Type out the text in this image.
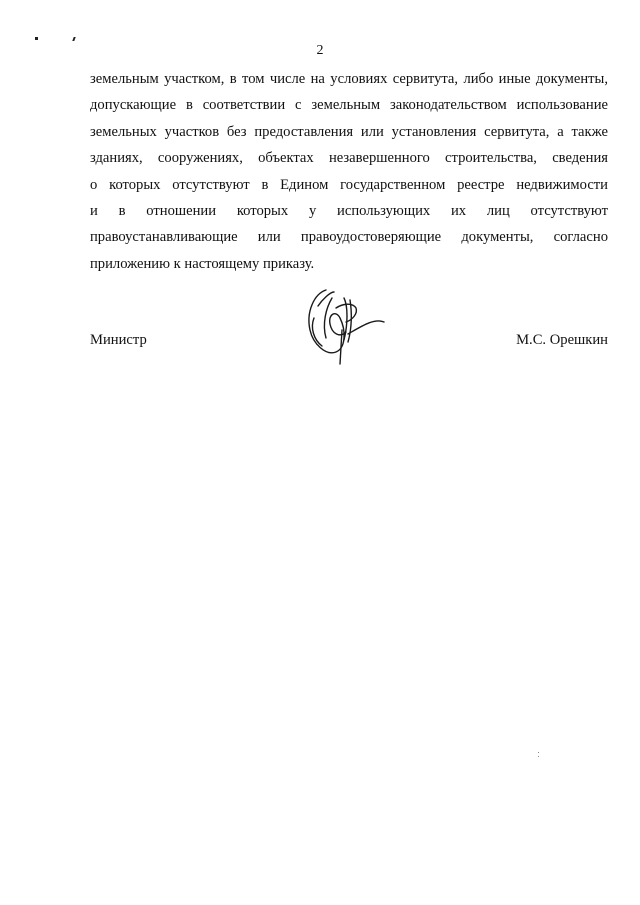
2
земельным участком, в том числе на условиях сервитута, либо иные документы,
допускающие в соответствии с земельным законодательством использование
земельных участков без предоставления или установления сервитута, а также
зданиях, сооружениях, объектах незавершенного строительства, сведения
о которых отсутствуют в Едином государственном реестре недвижимости
и в отношении которых у использующих их лиц отсутствуют
правоустанавливающие или правоудостоверяющие документы, согласно
приложению к настоящему приказу.
Министр	М.С. Орешкин
